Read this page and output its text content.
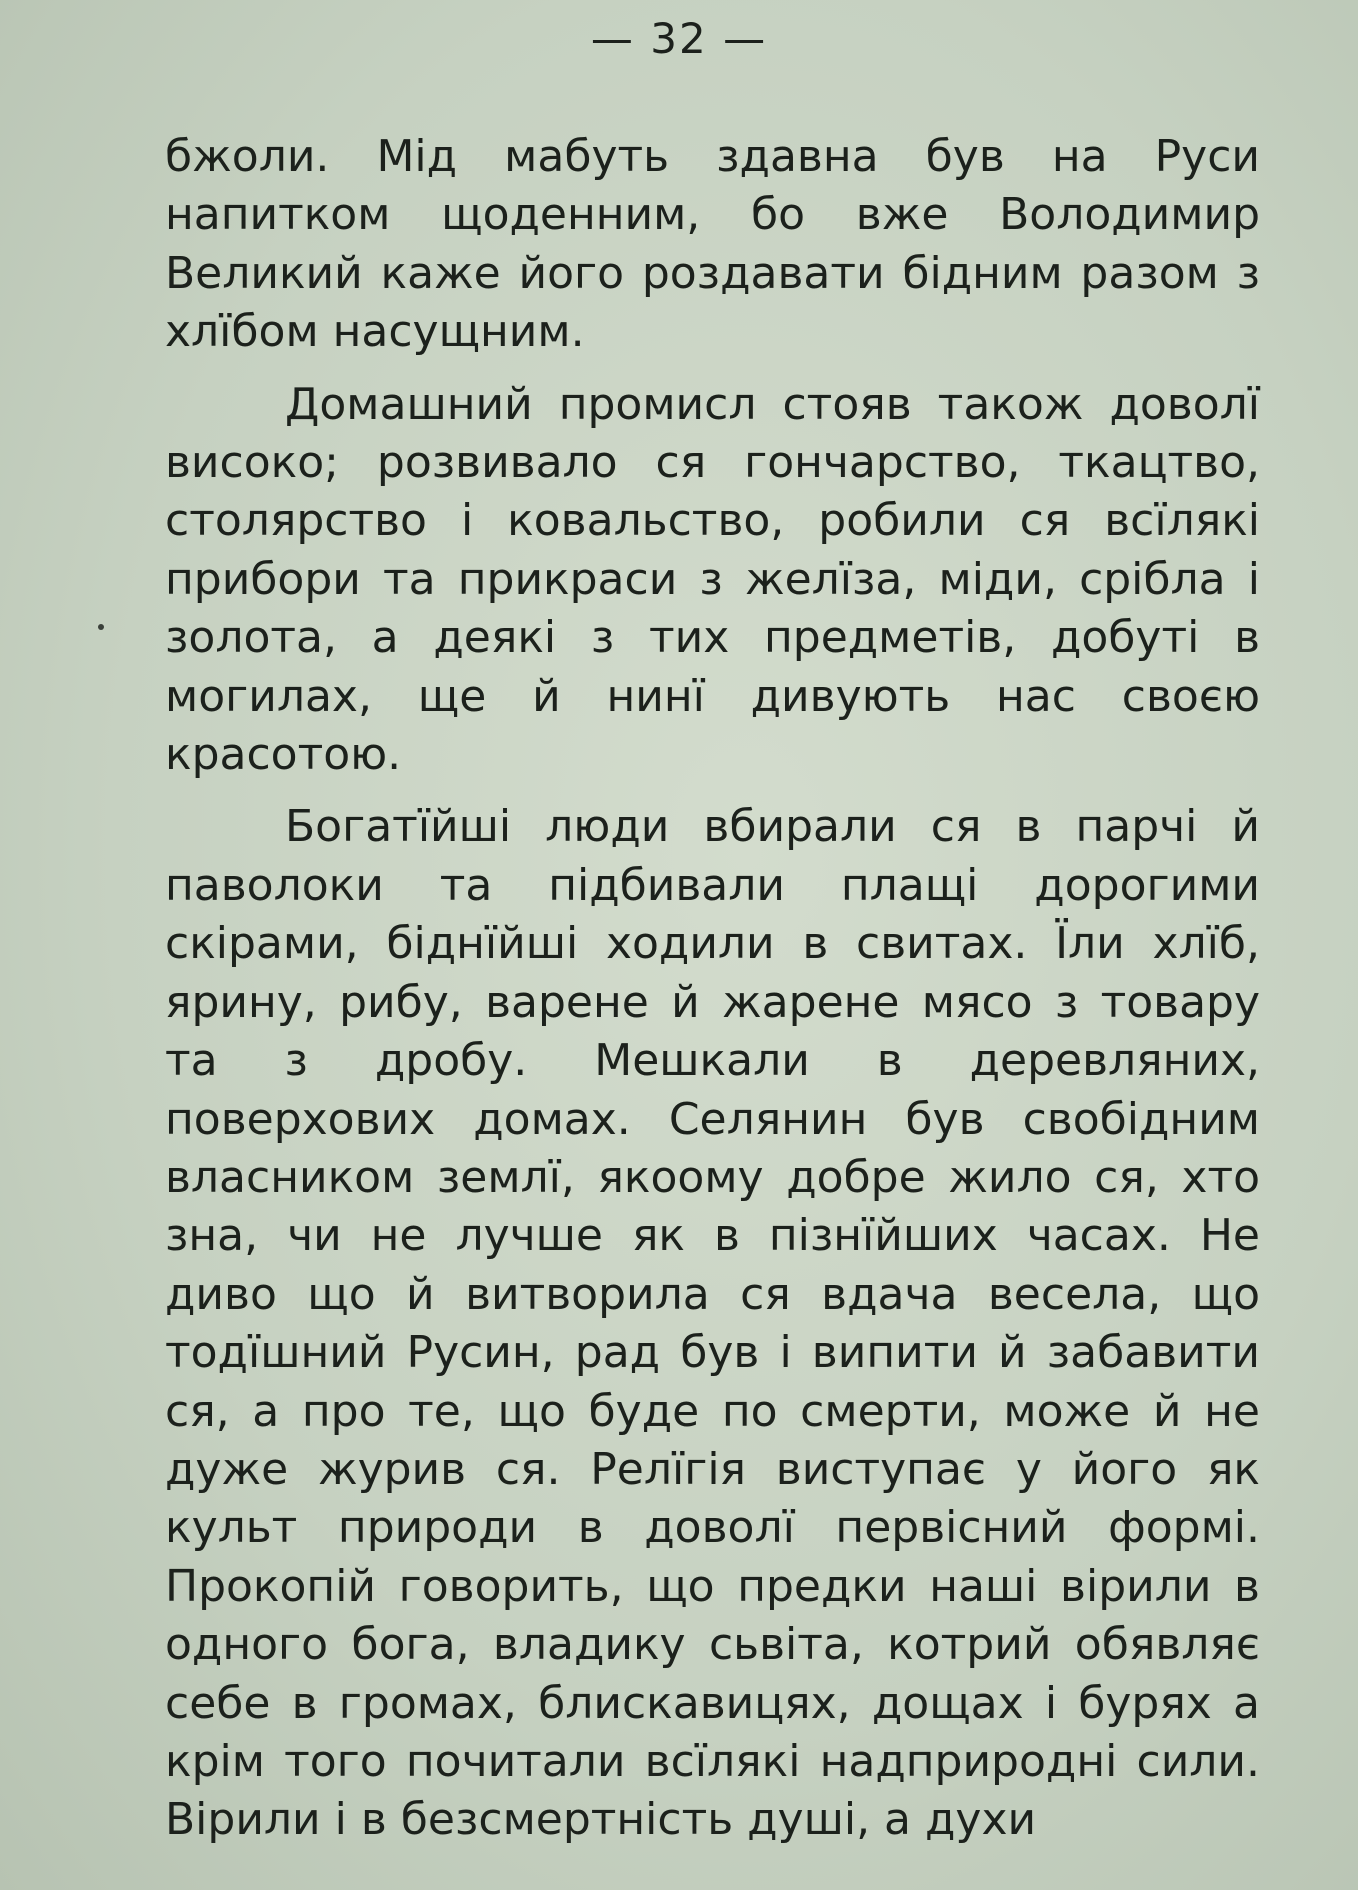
— 32 —

бжоли. Мід мабуть здавна був на Руси напитком щоденним, бо вже Володимир Великий каже його роздавати бідним разом з хлїбом насущним.

Домашний промисл стояв також доволї високо; розвивало ся гончарство, ткацтво, столярство і ковальство, робили ся всїлякі прибори та прикраси з желїза, міди, срібла і золота, а деякі з тих предметів, добуті в могилах, ще й нинї дивують нас своєю красотою.

Богатїйші люди вбирали ся в парчі й паволоки та підбивали плащі дорогими скірами, біднїйші ходили в свитах. Їли хлїб, ярину, рибу, варене й жарене мясо з товару та з дробу. Мешкали в деревляних, поверхових домах. Селянин був свобідним власником землї, якоому добре жило ся, хто зна, чи не лучше як в пізнїйших часах. Не диво що й витворила ся вдача весела, що тодїшний Русин, рад був і випити й забавити ся, а про те, що буде по смерти, може й не дуже журив ся. Релїгія виступає у його як культ природи в доволї первісний формі. Прокопій говорить, що предки наші вірили в одного бога, владику сьвіта, котрий обявляє себе в громах, блискавицях, дощах і бурях а крім того почитали всїлякі надприродні сили. Вірили і в безсмертність душі, а духи
